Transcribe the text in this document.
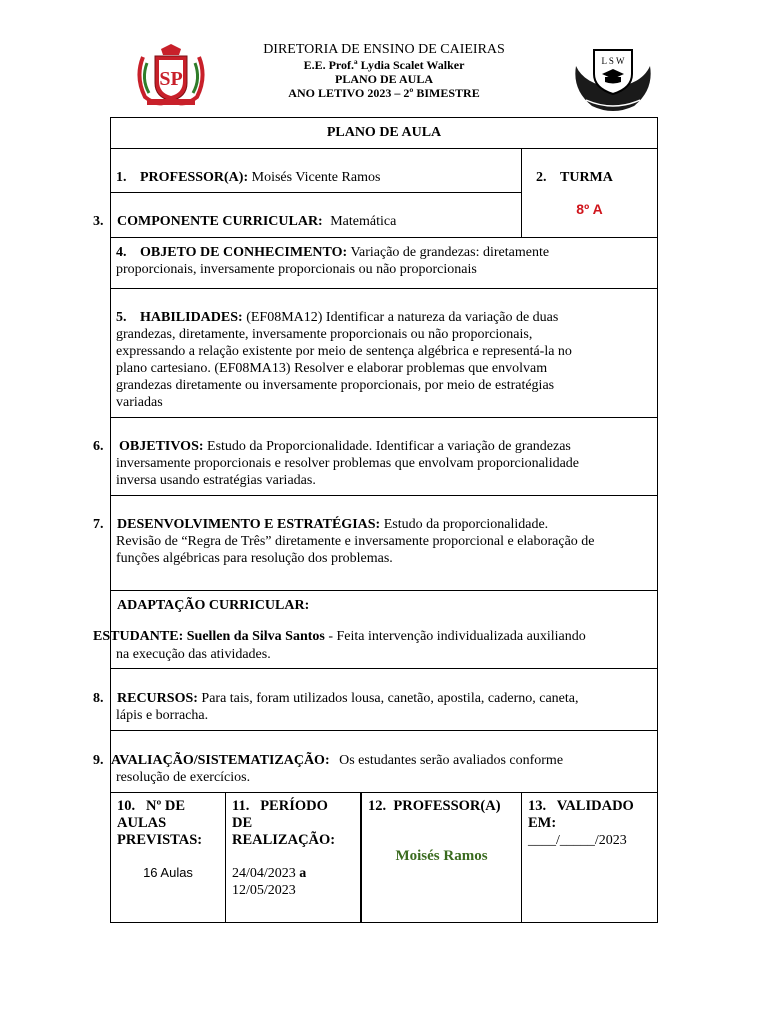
SP
DIRETORIA DE ENSINO DE CAIEIRAS
E.E. Prof.ª Lydia Scalet Walker
PLANO DE AULA
ANO LETIVO 2023 – 2º BIMESTRE
L S W
PLANO DE AULA
1. PROFESSOR(A): Moisés Vicente Ramos	2. TURMA
8º A
3. COMPONENTE CURRICULAR: Matemática
4. OBJETO DE CONHECIMENTO: Variação de grandezas: diretamente
proporcionais, inversamente proporcionais ou não proporcionais
5. HABILIDADES: (EF08MA12) Identificar a natureza da variação de duas
grandezas, diretamente, inversamente proporcionais ou não proporcionais,
expressando a relação existente por meio de sentença algébrica e representá-la no
plano cartesiano. (EF08MA13) Resolver e elaborar problemas que envolvam
grandezas diretamente ou inversamente proporcionais, por meio de estratégias
variadas
6. OBJETIVOS: Estudo da Proporcionalidade. Identificar a variação de grandezas
inversamente proporcionais e resolver problemas que envolvam proporcionalidade
inversa usando estratégias variadas.
7. DESENVOLVIMENTO E ESTRATÉGIAS: Estudo da proporcionalidade.
Revisão de “Regra de Três” diretamente e inversamente proporcional e elaboração de
funções algébricas para resolução dos problemas.
ADAPTAÇÃO CURRICULAR:
ESTUDANTE: Suellen da Silva Santos - Feita intervenção individualizada auxiliando
na execução das atividades.
8. RECURSOS: Para tais, foram utilizados lousa, canetão, apostila, caderno, caneta,
lápis e borracha.
9. AVALIAÇÃO/SISTEMATIZAÇÃO: Os estudantes serão avaliados conforme
resolução de exercícios.
10.   Nº DE
AULAS
PREVISTAS:
16 Aulas
11.   PERÍODO
DE
REALIZAÇÃO:
24/04/2023 a
12/05/2023
12.  PROFESSOR(A)
Moisés Ramos
13.   VALIDADO
EM:
____/_____/2023
